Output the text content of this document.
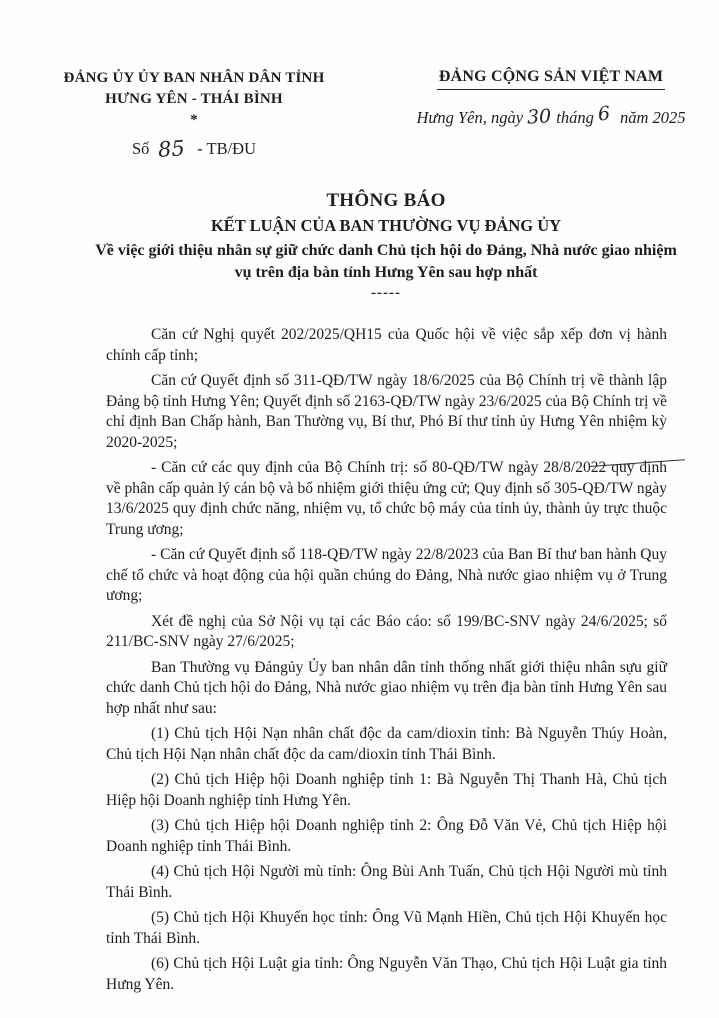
ĐẢNG ỦY ỦY BAN NHÂN DÂN TỈNH
HƯNG YÊN - THÁI BÌNH
*
Số 85 - TB/ĐU
ĐẢNG CỘNG SẢN VIỆT NAM
Hưng Yên, ngày 30 tháng 6 năm 2025
THÔNG BÁO
KẾT LUẬN CỦA BAN THƯỜNG VỤ ĐẢNG ỦY
Về việc giới thiệu nhân sự giữ chức danh Chủ tịch hội do Đảng, Nhà nước giao nhiệm vụ trên địa bàn tỉnh Hưng Yên sau hợp nhất
-----

Căn cứ Nghị quyết 202/2025/QH15 của Quốc hội về việc sắp xếp đơn vị hành chính cấp tỉnh;

Căn cứ Quyết định số 311-QĐ/TW ngày 18/6/2025 của Bộ Chính trị về thành lập Đảng bộ tỉnh Hưng Yên; Quyết định số 2163-QĐ/TW ngày 23/6/2025 của Bộ Chính trị về chỉ định Ban Chấp hành, Ban Thường vụ, Bí thư, Phó Bí thư tỉnh ủy Hưng Yên nhiệm kỳ 2020-2025;

- Căn cứ các quy định của Bộ Chính trị: số 80-QĐ/TW ngày 28/8/2022
quy định về phân cấp quản lý cán bộ và bổ nhiệm giới thiệu ứng cử; Quy định số 305-QĐ/TW ngày 13/6/2025 quy định chức năng, nhiệm vụ, tổ chức bộ máy của tỉnh ủy, thành ủy trực thuộc Trung ương;

- Căn cứ Quyết định số 118-QĐ/TW ngày 22/8/2023 của Ban Bí thư ban hành Quy chế tổ chức và hoạt động của hội quần chúng do Đảng, Nhà nước giao nhiệm vụ ở Trung ương;

Xét đề nghị của Sở Nội vụ tại các Báo cáo: số 199/BC-SNV ngày 24/6/2025; số 211/BC-SNV ngày 27/6/2025;

Ban Thường vụ Đảngủy Ủy ban nhân dân tỉnh thống nhất giới thiệu nhân sựu giữ chức danh Chủ tịch hội do Đảng, Nhà nước giao nhiệm vụ trên địa bàn tỉnh Hưng Yên sau hợp nhất như sau:

(1) Chủ tịch Hội Nạn nhân chất độc da cam/dioxin tỉnh: Bà Nguyễn Thúy Hoàn, Chủ tịch Hội Nạn nhân chất độc da cam/dioxin tỉnh Thái Bình.

(2) Chủ tịch Hiệp hội Doanh nghiệp tỉnh 1: Bà Nguyễn Thị Thanh Hà, Chủ tịch Hiệp hội Doanh nghiệp tỉnh Hưng Yên.

(3) Chủ tịch Hiệp hội Doanh nghiệp tỉnh 2: Ông Đỗ Văn Vẻ, Chủ tịch Hiệp hội Doanh nghiệp tỉnh Thái Bình.

(4) Chủ tịch Hội Người mù tỉnh: Ông Bùi Anh Tuấn, Chủ tịch Hội Người mù tỉnh Thái Bình.

(5) Chủ tịch Hội Khuyến học tỉnh: Ông Vũ Mạnh Hiền, Chủ tịch Hội Khuyến học tỉnh Thái Bình.

(6) Chủ tịch Hội Luật gia tỉnh: Ông Nguyễn Văn Thạo, Chủ tịch Hội Luật gia tỉnh Hưng Yên.
